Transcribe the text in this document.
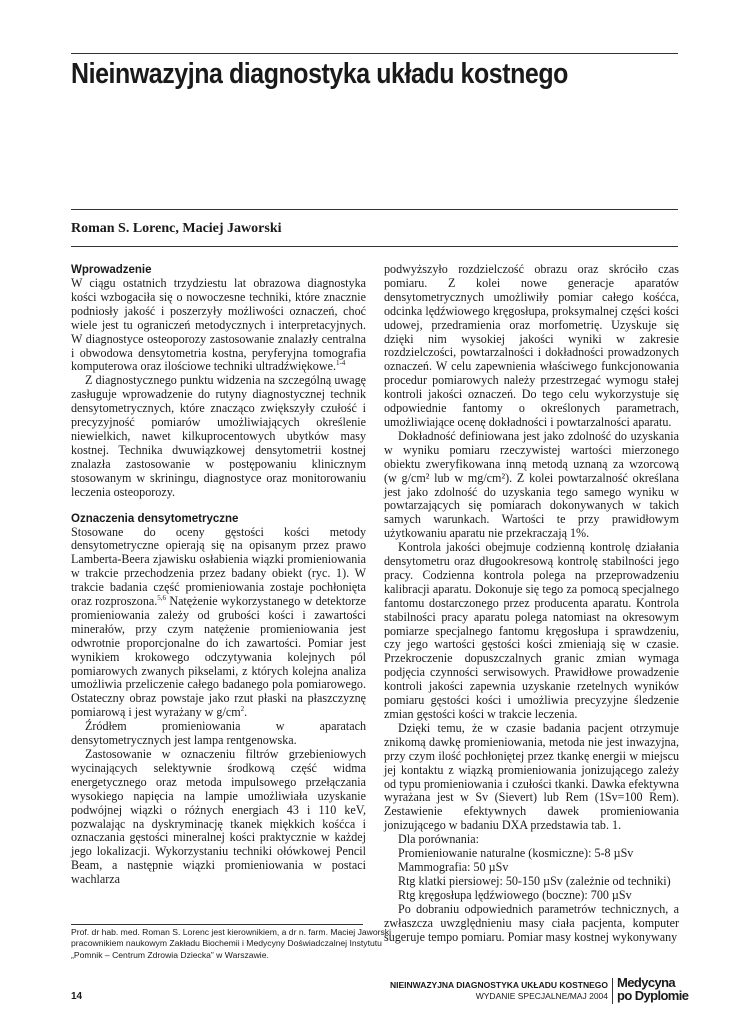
Nieinwazyjna diagnostyka układu kostnego
Roman S. Lorenc, Maciej Jaworski
Wprowadzenie

W ciągu ostatnich trzydziestu lat obrazowa diagnostyka kości wzbogaciła się o nowoczesne techniki, które znacznie podniosły jakość i poszerzyły możliwości oznaczeń, choć wiele jest tu ograniczeń metodycznych i interpretacyjnych. W diagnostyce osteoporozy zastosowanie znalazły centralna i obwodowa densytometria kostna, peryferyjna tomografia komputerowa oraz ilościowe techniki ultradźwiękowe.$^{1-4}$

Z diagnostycznego punktu widzenia na szczególną uwagę zasługuje wprowadzenie do rutyny diagnostycznej technik densytometrycznych, które znacząco zwiększyły czułość i precyzyjność pomiarów umożliwiających określenie niewielkich, nawet kilkuprocentowych ubytków masy kostnej. Technika dwuwiązkowej densytometrii kostnej znalazła zastosowanie w postępowaniu klinicznym stosowanym w skriningu, diagnostyce oraz monitorowaniu leczenia osteoporozy.

Oznaczenia densytometryczne

Stosowane do oceny gęstości kości metody densytometryczne opierają się na opisanym przez prawo Lamberta-Beera zjawisku osłabienia wiązki promieniowania w trakcie przechodzenia przez badany obiekt (ryc. 1). W trakcie badania część promieniowania zostaje pochłonięta oraz rozproszona.$^{5,6}$ Natężenie wykorzystanego w detektorze promieniowania zależy od grubości kości i zawartości minerałów, przy czym natężenie promieniowania jest odwrotnie proporcjonalne do ich zawartości. Pomiar jest wynikiem krokowego odczytywania kolejnych pól pomiarowych zwanych pikselami, z których kolejna analiza umożliwia przeliczenie całego badanego pola pomiarowego. Ostateczny obraz powstaje jako rzut płaski na płaszczyznę pomiarową i jest wyrażany w $g/cm^2$.

Źródłem promieniowania w aparatach densytometrycznych jest lampa rentgenowska.

Zastosowanie w oznaczeniu filtrów grzebieniowych wycinających selektywnie środkową część widma energetycznego oraz metoda impulsowego przełączania wysokiego napięcia na lampie umożliwiała uzyskanie podwójnej wiązki o różnych energiach 43 i 110 keV, pozwalając na dyskryminację tkanek miękkich kośćca i oznaczania gęstości mineralnej kości praktycznie w każdej jego lokalizacji. Wykorzystaniu techniki ołówkowej Pencil Beam, a następnie wiązki promieniowania w postaci wachlarza

podwyższyło rozdzielczość obrazu oraz skróciło czas pomiaru. Z kolei nowe generacje aparatów densytometrycznych umożliwiły pomiar całego kośćca, odcinka lędźwiowego kręgosłupa, proksymalnej części kości udowej, przedramienia oraz morfometrię. Uzyskuje się dzięki nim wysokiej jakości wyniki w zakresie rozdzielczości, powtarzalności i dokładności prowadzonych oznaczeń. W celu zapewnienia właściwego funkcjonowania procedur pomiarowych należy przestrzegać wymogu stałej kontroli jakości oznaczeń. Do tego celu wykorzystuje się odpowiednie fantomy o określonych parametrach, umożliwiające ocenę dokładności i powtarzalności aparatu.

Dokładność definiowana jest jako zdolność do uzyskania w wyniku pomiaru rzeczywistej wartości mierzonego obiektu zweryfikowana inną metodą uznaną za wzorcową (w g/cm² lub w mg/cm²). Z kolei powtarzalność określana jest jako zdolność do uzyskania tego samego wyniku w powtarzających się pomiarach dokonywanych w takich samych warunkach. Wartości te przy prawidłowym użytkowaniu aparatu nie przekraczają 1%.

Kontrola jakości obejmuje codzienną kontrolę działania densytometru oraz długookresową kontrolę stabilności jego pracy. Codzienna kontrola polega na przeprowadzeniu kalibracji aparatu. Dokonuje się tego za pomocą specjalnego fantomu dostarczonego przez producenta aparatu. Kontrola stabilności pracy aparatu polega natomiast na okresowym pomiarze specjalnego fantomu kręgosłupa i sprawdzeniu, czy jego wartości gęstości kości zmieniają się w czasie. Przekroczenie dopuszczalnych granic zmian wymaga podjęcia czynności serwisowych. Prawidłowe prowadzenie kontroli jakości zapewnia uzyskanie rzetelnych wyników pomiaru gęstości kości i umożliwia precyzyjne śledzenie zmian gęstości kości w trakcie leczenia.

Dzięki temu, że w czasie badania pacjent otrzymuje znikomą dawkę promieniowania, metoda nie jest inwazyjna, przy czym ilość pochłoniętej przez tkankę energii w miejscu jej kontaktu z wiązką promieniowania jonizującego zależy od typu promieniowania i czułości tkanki. Dawka efektywna wyrażana jest w Sv (Sievert) lub Rem (1Sv=100 Rem). Zestawienie efektywnych dawek promieniowania jonizującego w badaniu DXA przedstawia tab. 1.

Dla porównania:

Promieniowanie naturalne (kosmiczne): 5-8 µSv

Mammografia: 50 µSv

Rtg klatki piersiowej: 50-150 µSv (zależnie od techniki)

Rtg kręgosłupa lędźwiowego (boczne): 700 µSv

Po dobraniu odpowiednich parametrów technicznych, a zwłaszcza uwzględnieniu masy ciała pacjenta, komputer sugeruje tempo pomiaru. Pomiar masy kostnej wykonywany

Prof. dr hab. med. Roman S. Lorenc jest kierownikiem, a dr n. farm. Maciej Jaworski
pracownikiem naukowym Zakładu Biochemii i Medycyny Doświadczalnej Instytutu
„Pomnik – Centrum Zdrowia Dziecka” w Warszawie.
14
NIEINWAZYJNA DIAGNOSTYKA UKŁADU KOSTNEGO
WYDANIE SPECJALNE/MAJ 2004
Medycyna
po Dyplomie
